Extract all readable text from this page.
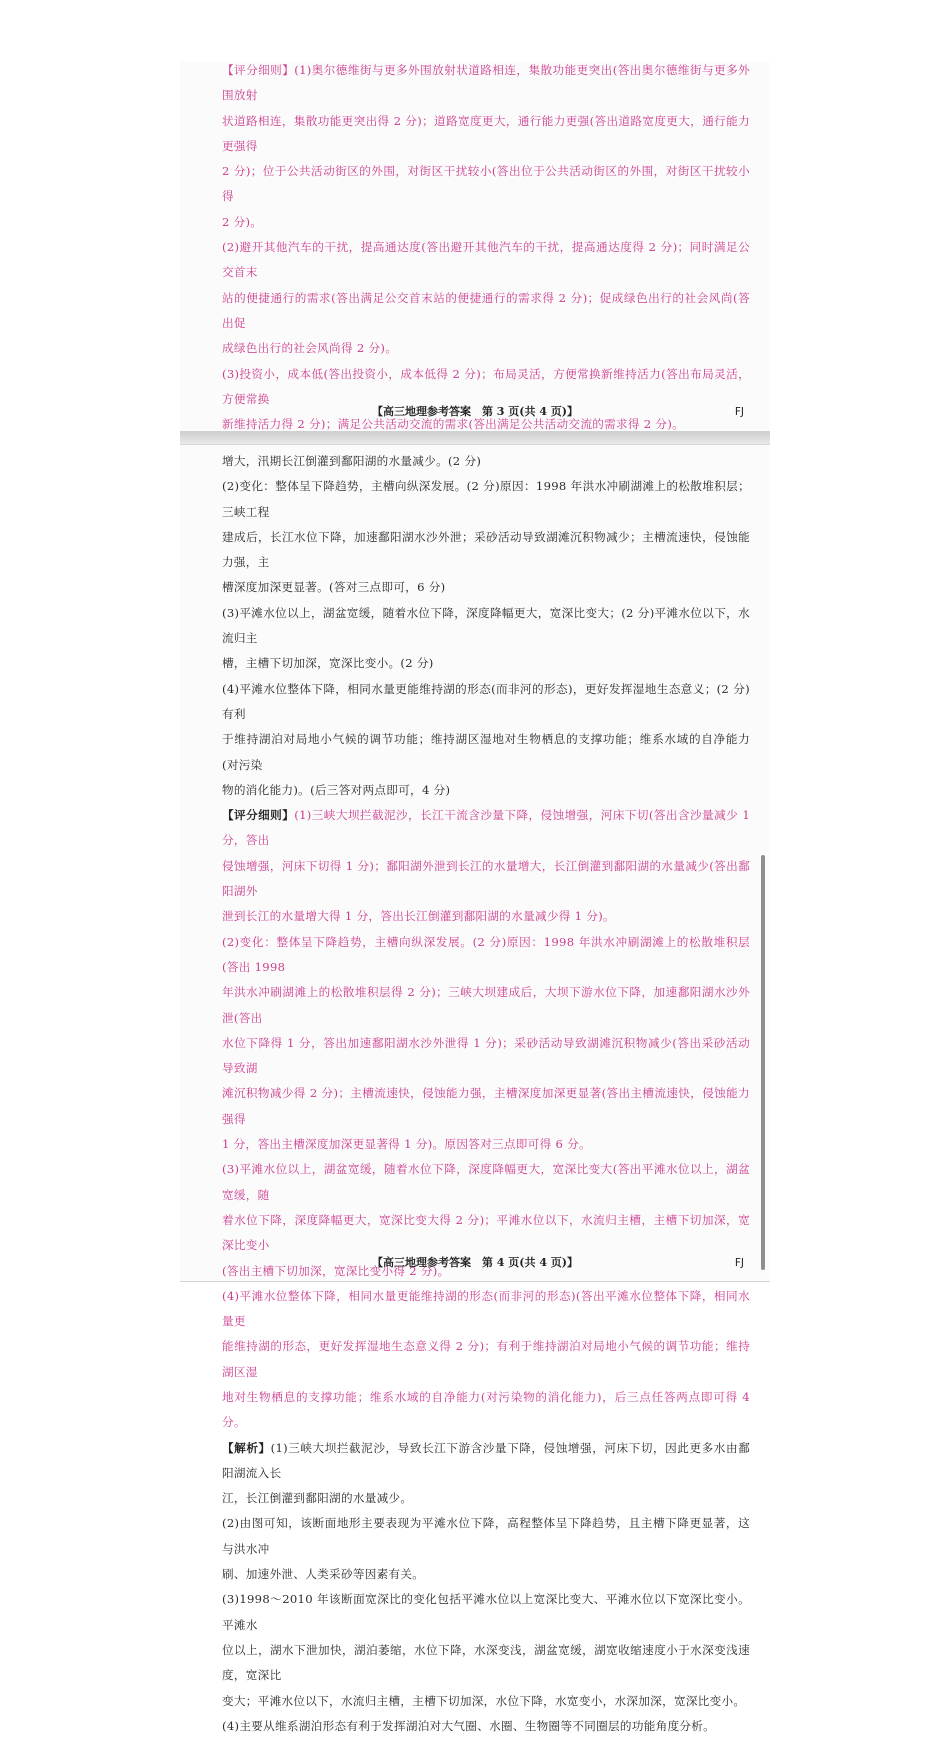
【评分细则】(1)奥尔德维街与更多外围放射状道路相连，集散功能更突出(答出奥尔德维街与更多外围放射

状道路相连，集散功能更突出得 2 分)；道路宽度更大，通行能力更强(答出道路宽度更大，通行能力更强得

2 分)；位于公共活动街区的外围，对街区干扰较小(答出位于公共活动街区的外围，对街区干扰较小得

2 分)。

(2)避开其他汽车的干扰，提高通达度(答出避开其他汽车的干扰，提高通达度得 2 分)；同时满足公交首末

站的便捷通行的需求(答出满足公交首末站的便捷通行的需求得 2 分)；促成绿色出行的社会风尚(答出促

成绿色出行的社会风尚得 2 分)。

(3)投资小，成本低(答出投资小，成本低得 2 分)；布局灵活，方便常换新维持活力(答出布局灵活，方便常换

新维持活力得 2 分)；满足公共活动交流的需求(答出满足公共活动交流的需求得 2 分)。

【高三地理参考答案　第 3 页(共 4 页)】	FJ

增大，汛期长江倒灌到鄱阳湖的水量减少。(2 分)

(2)变化：整体呈下降趋势，主槽向纵深发展。(2 分)原因：1998 年洪水冲刷湖滩上的松散堆积层；三峡工程

建成后，长江水位下降，加速鄱阳湖水沙外泄；采砂活动导致湖滩沉积物减少；主槽流速快，侵蚀能力强，主

槽深度加深更显著。(答对三点即可，6 分)

(3)平滩水位以上，湖盆宽缓，随着水位下降，深度降幅更大，宽深比变大；(2 分)平滩水位以下，水流归主

槽，主槽下切加深，宽深比变小。(2 分)

(4)平滩水位整体下降，相同水量更能维持湖的形态(而非河的形态)，更好发挥湿地生态意义；(2 分)有利

于维持湖泊对局地小气候的调节功能；维持湖区湿地对生物栖息的支撑功能；维系水域的自净能力(对污染

物的消化能力)。(后三答对两点即可，4 分)

【评分细则】(1)三峡大坝拦截泥沙，长江干流含沙量下降，侵蚀增强，河床下切(答出含沙量减少 1 分，答出

侵蚀增强，河床下切得 1 分)；鄱阳湖外泄到长江的水量增大，长江倒灌到鄱阳湖的水量减少(答出鄱阳湖外

泄到长江的水量增大得 1 分，答出长江倒灌到鄱阳湖的水量减少得 1 分)。

(2)变化：整体呈下降趋势，主槽向纵深发展。(2 分)原因：1998 年洪水冲刷湖滩上的松散堆积层(答出 1998

年洪水冲刷湖滩上的松散堆积层得 2 分)；三峡大坝建成后，大坝下游水位下降，加速鄱阳湖水沙外泄(答出

水位下降得 1 分，答出加速鄱阳湖水沙外泄得 1 分)；采砂活动导致湖滩沉积物减少(答出采砂活动导致湖

滩沉积物减少得 2 分)；主槽流速快，侵蚀能力强，主槽深度加深更显著(答出主槽流速快，侵蚀能力强得

1 分，答出主槽深度加深更显著得 1 分)。原因答对三点即可得 6 分。

(3)平滩水位以上，湖盆宽缓，随着水位下降，深度降幅更大，宽深比变大(答出平滩水位以上，湖盆宽缓，随

着水位下降，深度降幅更大，宽深比变大得 2 分)；平滩水位以下，水流归主槽，主槽下切加深，宽深比变小

(答出主槽下切加深，宽深比变小得 2 分)。

(4)平滩水位整体下降，相同水量更能维持湖的形态(而非河的形态)(答出平滩水位整体下降，相同水量更

能维持湖的形态，更好发挥湿地生态意义得 2 分)；有利于维持湖泊对局地小气候的调节功能；维持湖区湿

地对生物栖息的支撑功能；维系水域的自净能力(对污染物的消化能力)，后三点任答两点即可得 4 分。

【解析】(1)三峡大坝拦截泥沙，导致长江下游含沙量下降，侵蚀增强，河床下切，因此更多水由鄱阳湖流入长

江，长江倒灌到鄱阳湖的水量减少。

(2)由图可知，该断面地形主要表现为平滩水位下降，高程整体呈下降趋势，且主槽下降更显著，这与洪水冲

刷、加速外泄、人类采砂等因素有关。

(3)1998～2010 年该断面宽深比的变化包括平滩水位以上宽深比变大、平滩水位以下宽深比变小。平滩水

位以上，湖水下泄加快，湖泊萎缩，水位下降，水深变浅，湖盆宽缓，湖宽收缩速度小于水深变浅速度，宽深比

变大；平滩水位以下，水流归主槽，主槽下切加深，水位下降，水宽变小，水深加深，宽深比变小。

(4)主要从维系湖泊形态有利于发挥湖泊对大气圈、水圈、生物圈等不同圈层的功能角度分析。

【高三地理参考答案　第 4 页(共 4 页)】	FJ
